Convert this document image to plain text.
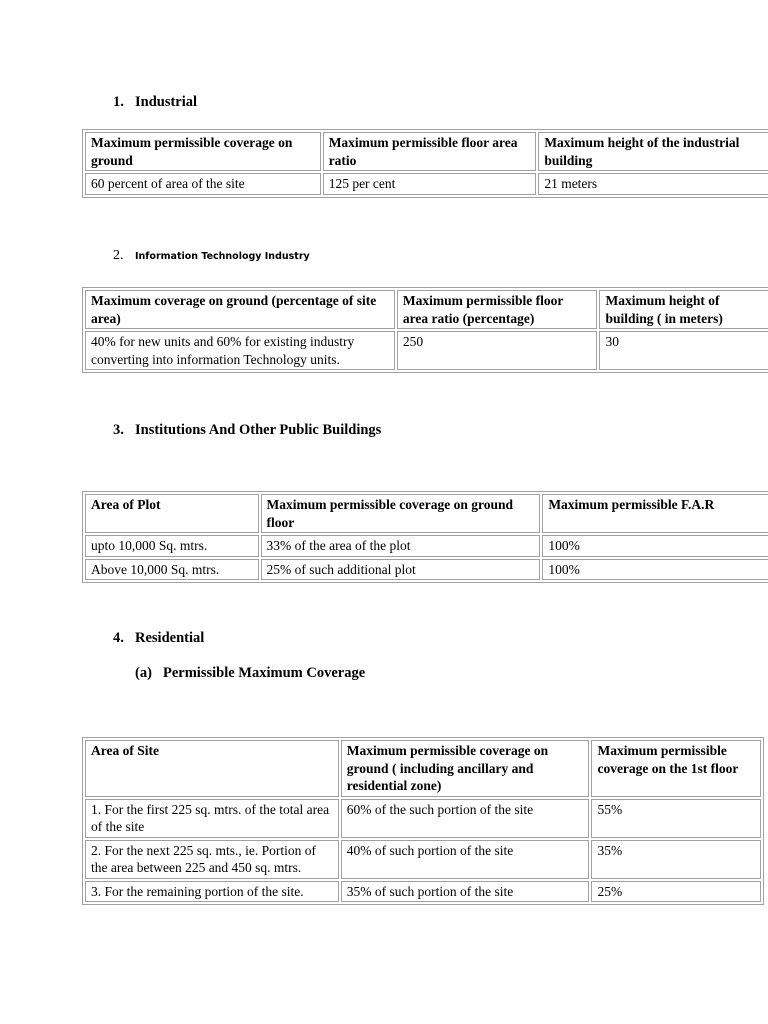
1. Industrial
Maximum permissible coverage on ground	Maximum permissible floor area ratio	Maximum height of the industrial building
60 percent of area of the site	125 per cent	21 meters
2. Information Technology Industry
Maximum coverage on ground (percentage of site area)	Maximum permissible floor area ratio (percentage)	Maximum height of building ( in meters)
40% for new units and 60% for existing industry converting into information Technology units.	250	30
3. Institutions And Other Public Buildings
Area of Plot	Maximum permissible coverage on ground floor	Maximum permissible F.A.R
upto 10,000 Sq. mtrs.	33% of the area of the plot	100%
Above 10,000 Sq. mtrs.	25% of such additional plot	100%
4. Residential
(a) Permissible Maximum Coverage
Area of Site	Maximum permissible coverage on ground ( including ancillary and residential zone)	Maximum permissible coverage on the 1st floor
1. For the first 225 sq. mtrs. of the total area of the site	60% of the such portion of the site	55%
2. For the next 225 sq. mts., ie. Portion of the area between 225 and 450 sq. mtrs.	40% of such portion of the site	35%
3. For the remaining portion of the site.	35% of such portion of the site	25%
